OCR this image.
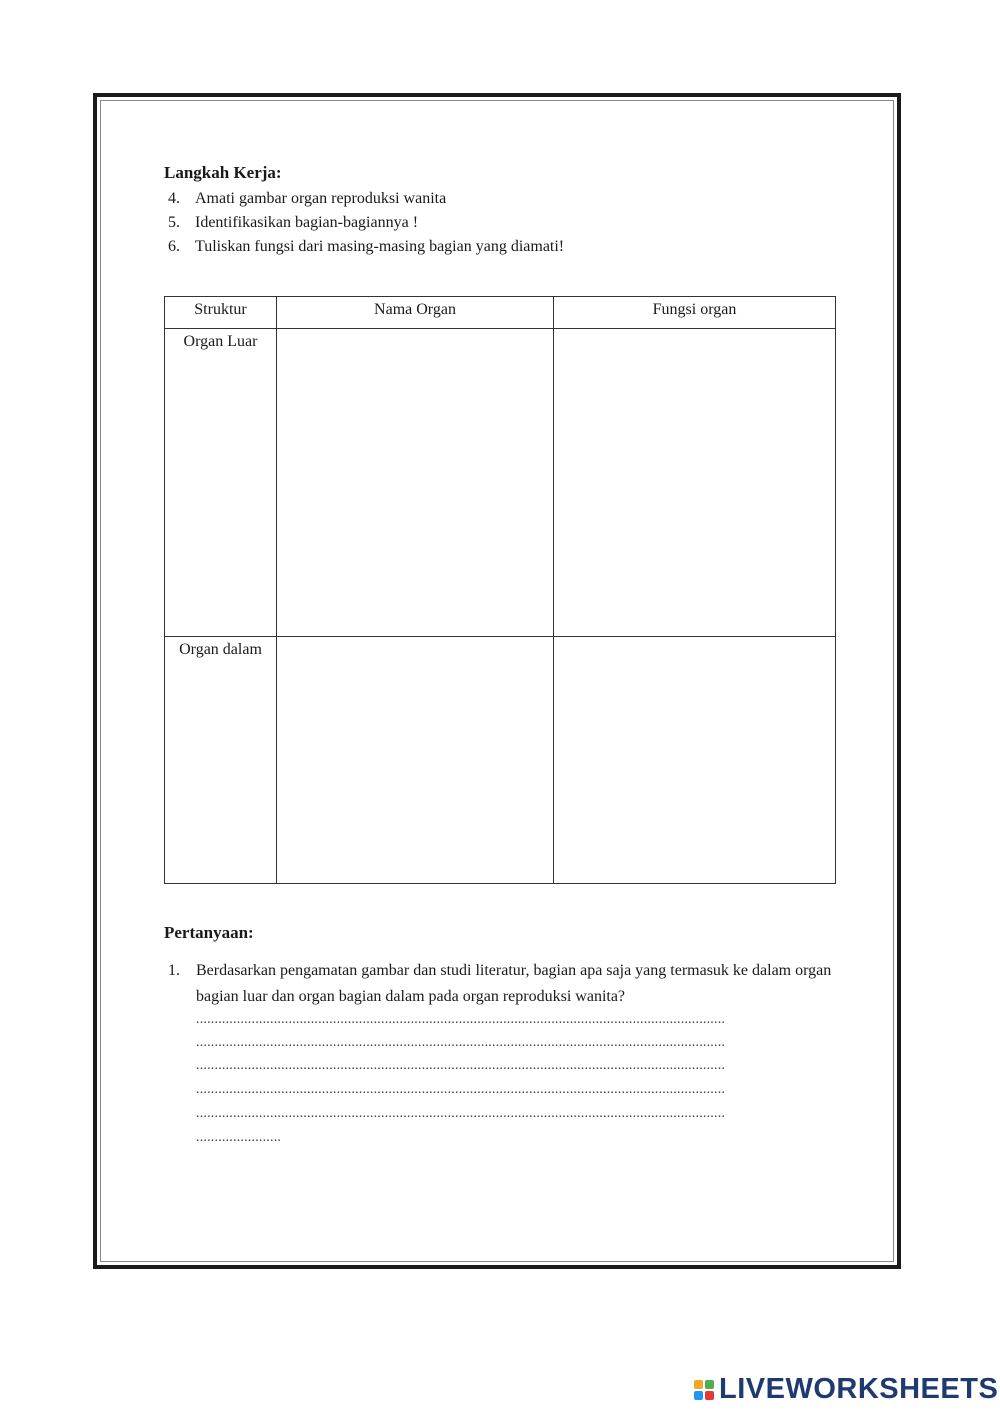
Langkah Kerja:
4. Amati gambar organ reproduksi wanita
5. Identifikasikan bagian-bagiannya !
6. Tuliskan fungsi dari masing-masing bagian yang diamati!
Struktur	Nama Organ	Fungsi organ
Organ Luar		
Organ dalam		
Pertanyaan:
1.	Berdasarkan pengamatan gambar dan studi literatur, bagian apa saja yang termasuk ke dalam organ bagian luar dan organ bagian dalam pada organ reproduksi wanita?
...............................................................................................................................................
...............................................................................................................................................
...............................................................................................................................................
...............................................................................................................................................
...............................................................................................................................................
.......................
LIVEWORKSHEETS
